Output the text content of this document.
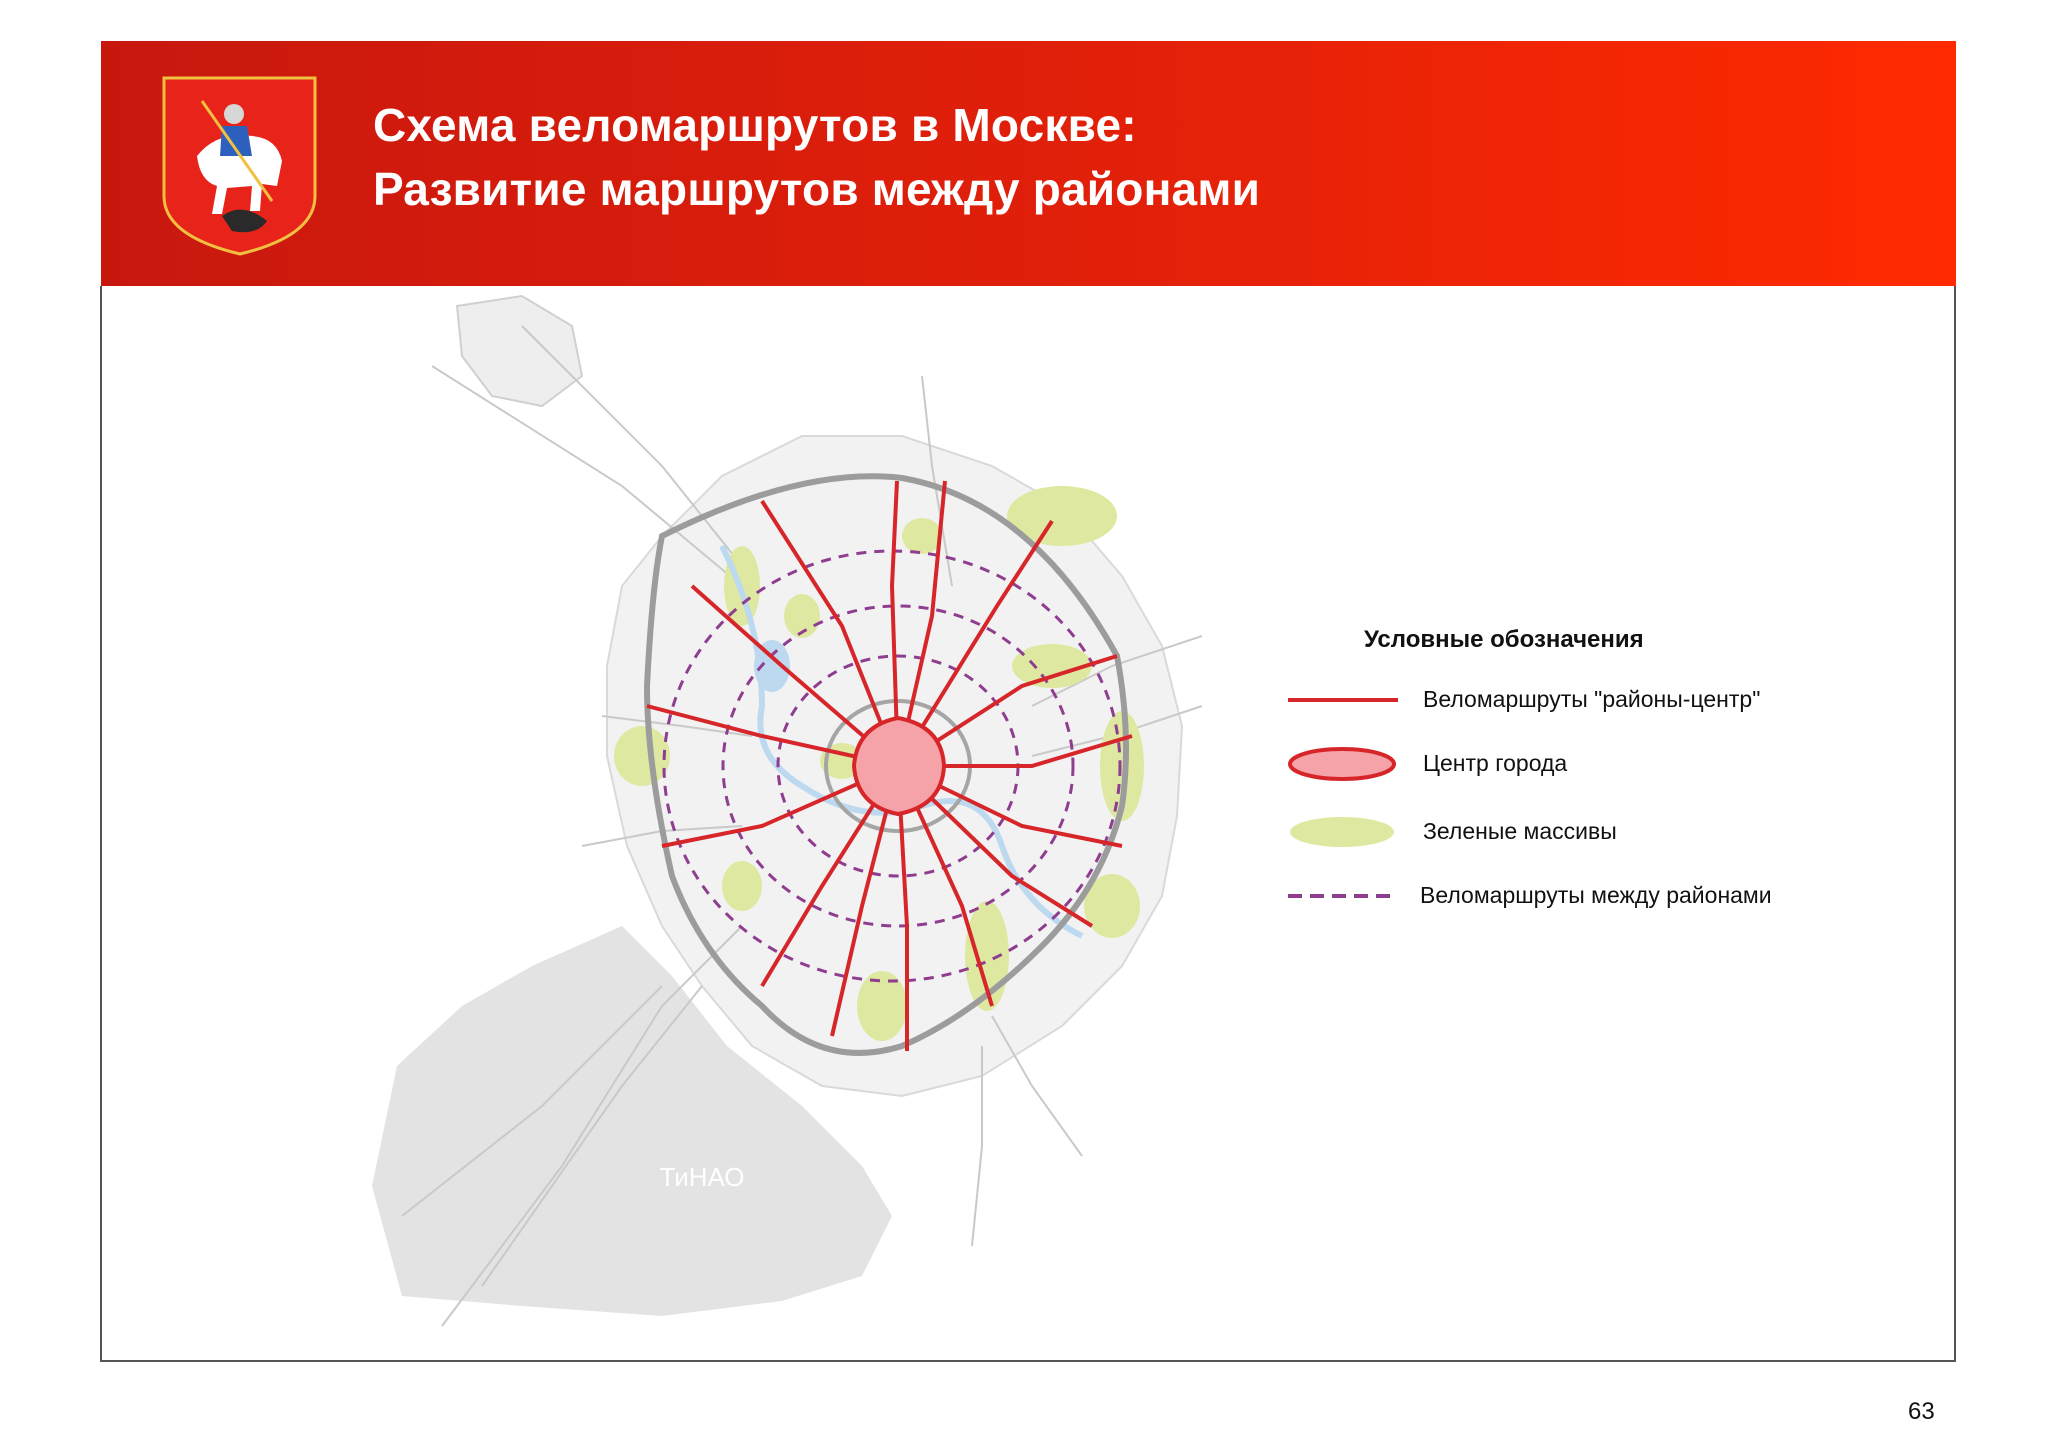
Схема веломаршрутов в Москве:
Развитие маршрутов между районами
ТиНАО
Условные обозначения
Веломаршруты "районы-центр"
Центр города
Зеленые массивы
Веломаршруты между районами
63
